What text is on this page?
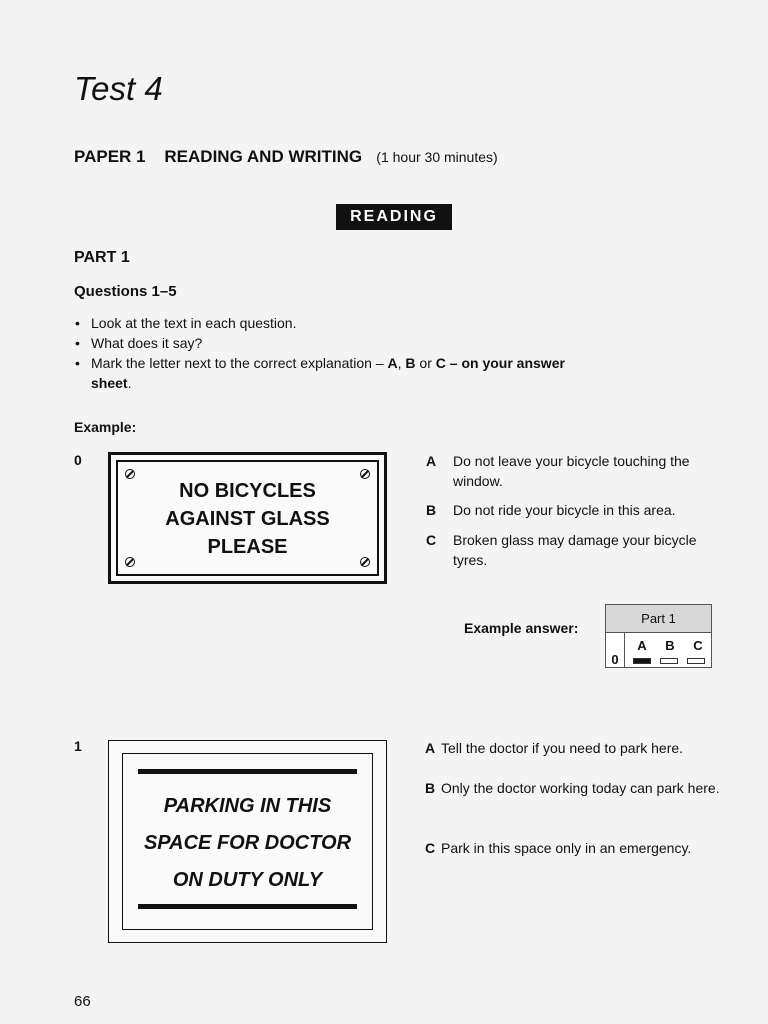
Test 4
PAPER 1 READING AND WRITING (1 hour 30 minutes)
READING
PART 1
Questions 1–5
• Look at the text in each question.
• What does it say?
• Mark the letter next to the correct explanation – A, B or C – on your answer sheet.
Example:
0
NO BICYCLES
AGAINST GLASS
PLEASE
A Do not leave your bicycle touching the window.
B Do not ride your bicycle in this area.
C Broken glass may damage your bicycle tyres.
Example answer:
Part 1
0
A	B	C
1
PARKING IN THIS
SPACE FOR DOCTOR
ON DUTY ONLY
A Tell the doctor if you need to park here.
B Only the doctor working today can park here.
C Park in this space only in an emergency.
66
